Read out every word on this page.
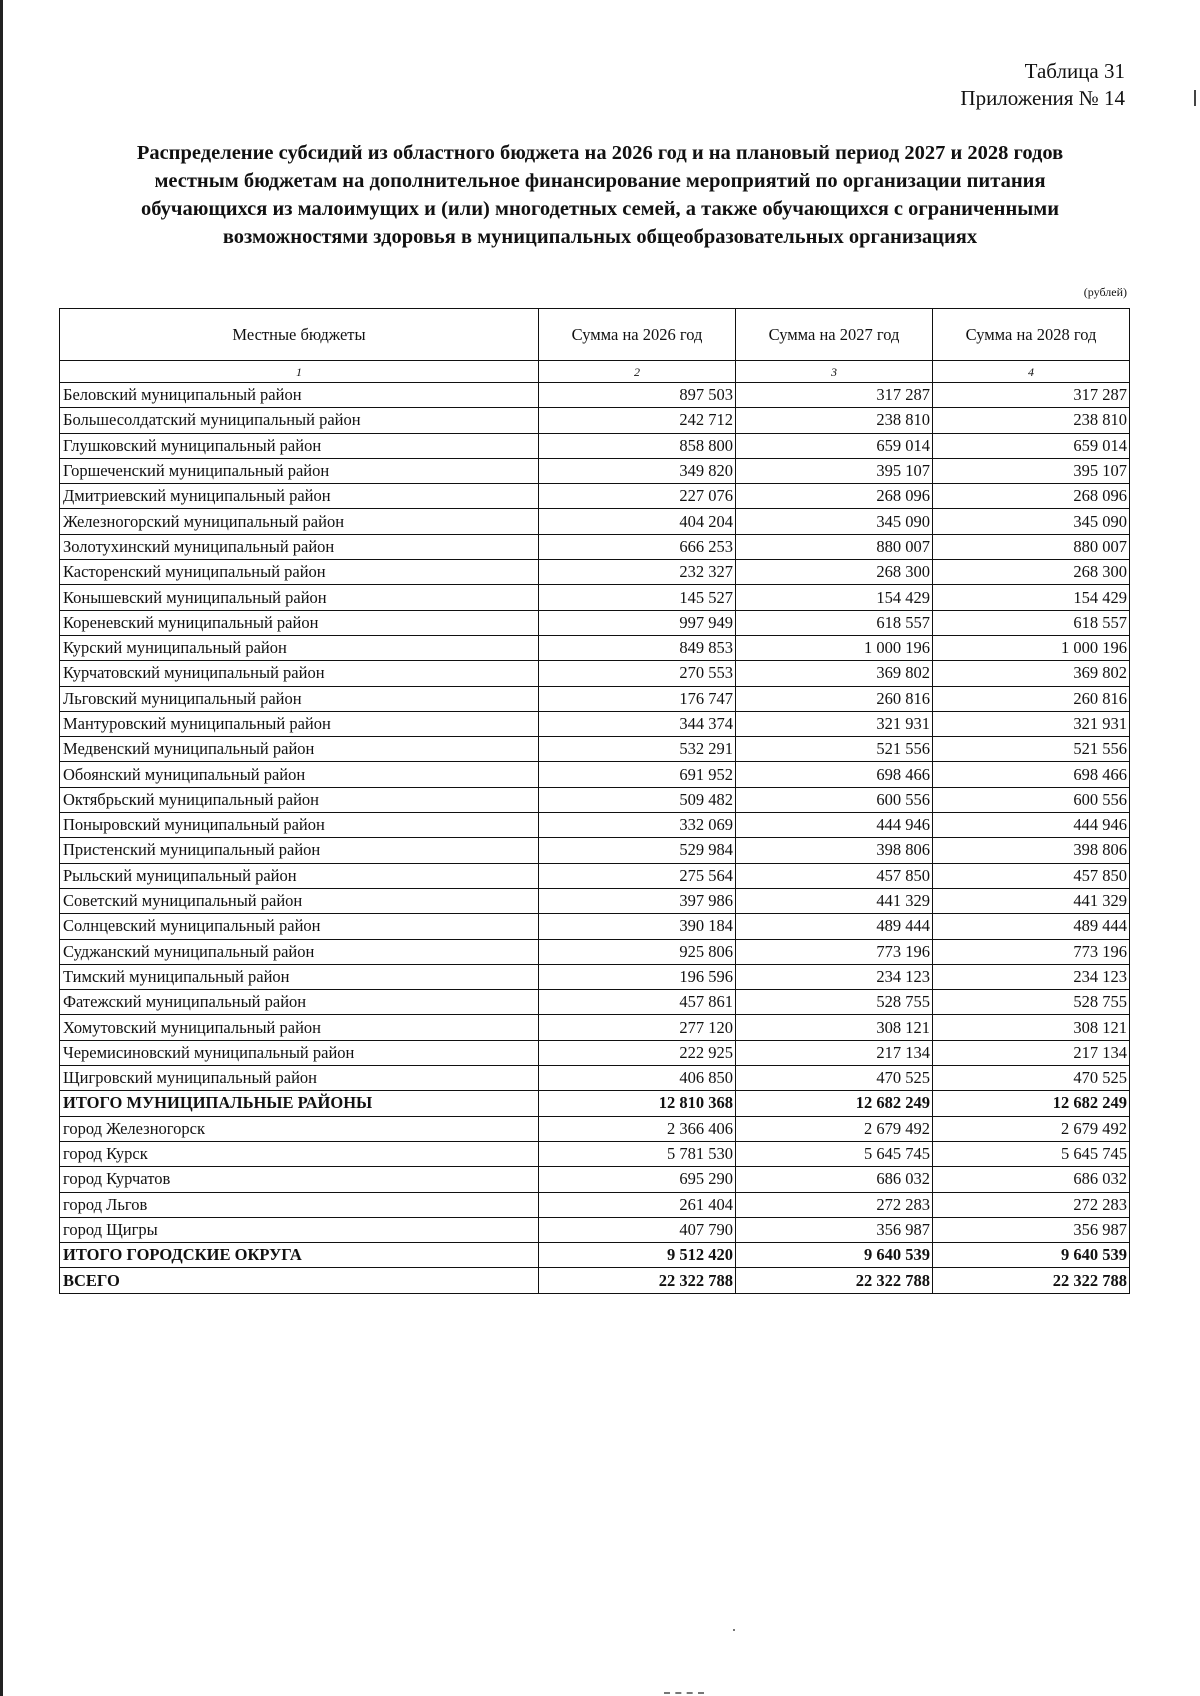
Таблица 31
Приложения № 14
Распределение субсидий из областного бюджета на 2026 год и на плановый период 2027 и 2028 годов
местным бюджетам на дополнительное финансирование мероприятий по организации питания
обучающихся из малоимущих и (или) многодетных семей, а также обучающихся с ограниченными
возможностями здоровья в муниципальных общеобразовательных организациях
(рублей)
Местные бюджеты	Сумма на 2026 год	Сумма на 2027 год	Сумма на 2028 год
1	2	3	4
Беловский муниципальный район	897 503	317 287	317 287
Большесолдатский муниципальный район	242 712	238 810	238 810
Глушковский муниципальный район	858 800	659 014	659 014
Горшеченский муниципальный район	349 820	395 107	395 107
Дмитриевский муниципальный район	227 076	268 096	268 096
Железногорский муниципальный район	404 204	345 090	345 090
Золотухинский муниципальный район	666 253	880 007	880 007
Касторенский муниципальный район	232 327	268 300	268 300
Конышевский муниципальный район	145 527	154 429	154 429
Кореневский муниципальный район	997 949	618 557	618 557
Курский муниципальный район	849 853	1 000 196	1 000 196
Курчатовский муниципальный район	270 553	369 802	369 802
Льговский муниципальный район	176 747	260 816	260 816
Мантуровский муниципальный район	344 374	321 931	321 931
Медвенский муниципальный район	532 291	521 556	521 556
Обоянский муниципальный район	691 952	698 466	698 466
Октябрьский муниципальный район	509 482	600 556	600 556
Поныровский муниципальный район	332 069	444 946	444 946
Пристенский муниципальный район	529 984	398 806	398 806
Рыльский муниципальный район	275 564	457 850	457 850
Советский муниципальный район	397 986	441 329	441 329
Солнцевский муниципальный район	390 184	489 444	489 444
Суджанский муниципальный район	925 806	773 196	773 196
Тимский муниципальный район	196 596	234 123	234 123
Фатежский муниципальный район	457 861	528 755	528 755
Хомутовский муниципальный район	277 120	308 121	308 121
Черемисиновский муниципальный район	222 925	217 134	217 134
Щигровский муниципальный район	406 850	470 525	470 525
ИТОГО МУНИЦИПАЛЬНЫЕ РАЙОНЫ	12 810 368	12 682 249	12 682 249
город Железногорск	2 366 406	2 679 492	2 679 492
город Курск	5 781 530	5 645 745	5 645 745
город Курчатов	695 290	686 032	686 032
город Льгов	261 404	272 283	272 283
город Щигры	407 790	356 987	356 987
ИТОГО ГОРОДСКИЕ ОКРУГА	9 512 420	9 640 539	9 640 539
ВСЕГО	22 322 788	22 322 788	22 322 788
